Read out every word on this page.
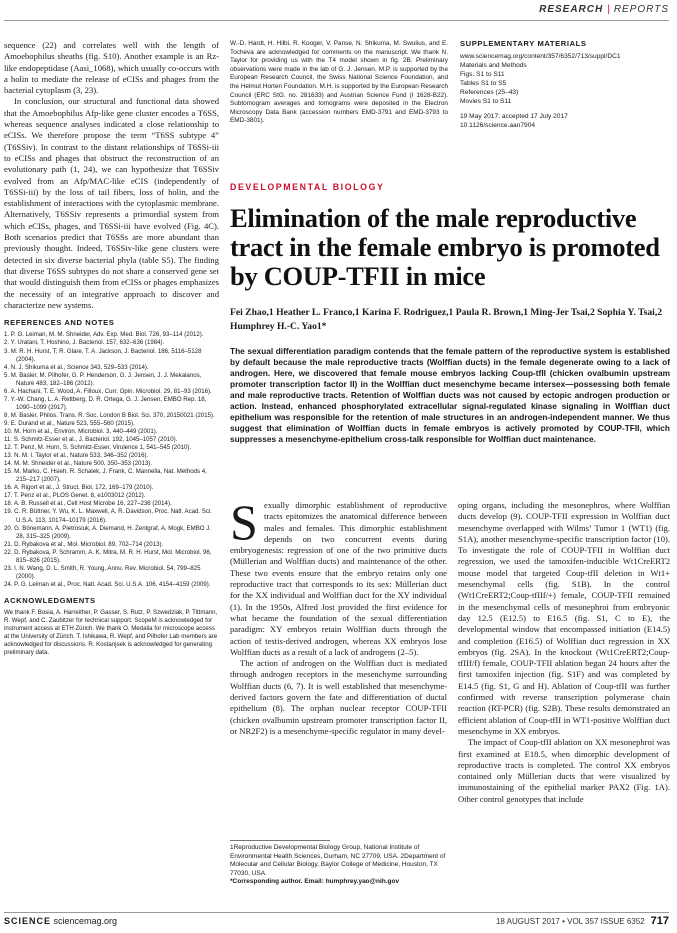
RESEARCH | REPORTS

sequence (22) and correlates well with the length of Amoebophilus sheaths (fig. S10). Another example is an Rz-like endopeptidase (Aasi_1068), which usually co-occurs with a holin to mediate the release of eCISs and phages from the bacterial cytoplasm (3, 23).

In conclusion, our structural and functional data showed that the Amoebophilus Afp-like gene cluster encodes a T6SS, whereas sequence analyses indicated a close relationship to eCISs. We therefore propose the term “T6SS subtype 4” (T6SSiv). In contrast to the distant relationships of T6SSi-iii to eCISs and phages that obstruct the reconstruction of an evolutionary path (1, 24), we can hypothesize that T6SSiv evolved from an Afp/MAC-like eCIS (independently of T6SSi-iii) by the loss of tail fibers, loss of holin, and the establishment of interactions with the cytoplasmic membrane. Alternatively, T6SSiv represents a primordial system from which eCISs, phages, and T6SSi-iii have evolved (Fig. 4C). Both scenarios predict that T6SSs are more abundant than previously thought. Indeed, T6SSiv-like gene clusters were detected in six diverse bacterial phyla (table S5). The finding that diverse T6SS subtypes do not share a conserved gene set that would distinguish them from eCISs or phages emphasizes the necessity of an integrative approach to discover and characterize new systems.

REFERENCES AND NOTES
1. P. G. Leiman, M. M. Shneider, Adv. Exp. Med. Biol. 726, 93–114 (2012).
2. Y. Uratani, T. Hoshino, J. Bacteriol. 157, 632–636 (1984).
3. M. R. H. Hurst, T. R. Glare, T. A. Jackson, J. Bacteriol. 186, 5116–5128 (2004).
4. N. J. Shikuma et al., Science 343, 529–533 (2014).
5. M. Basler, M. Pilhofer, G. P. Henderson, G. J. Jensen, J. J. Mekalanos, Nature 483, 182–186 (2012).
6. A. Hachani, T. E. Wood, A. Filloux, Curr. Opin. Microbiol. 29, 81–93 (2016).
7. Y.-W. Chang, L. A. Rettberg, D. R. Ortega, G. J. Jensen, EMBO Rep. 18, 1090–1099 (2017).
8. M. Basler, Philos. Trans. R. Soc. London B Biol. Sci. 370, 20150021 (2015).
9. E. Durand et al., Nature 523, 555–560 (2015).
10. M. Horn et al., Environ. Microbiol. 3, 440–449 (2001).
11. S. Schmitz-Esser et al., J. Bacteriol. 192, 1045–1057 (2010).
12. T. Penz, M. Horn, S. Schmitz-Esser, Virulence 1, 541–545 (2010).
13. N. M. I. Taylor et al., Nature 533, 346–352 (2016).
14. M. M. Shneider et al., Nature 500, 350–353 (2013).
15. M. Marko, C. Hsieh, R. Schalek, J. Frank, C. Mannella, Nat. Methods 4, 215–217 (2007).
16. A. Rigort et al., J. Struct. Biol. 172, 169–179 (2010).
17. T. Penz et al., PLOS Genet. 8, e1003012 (2012).
18. A. B. Russell et al., Cell Host Microbe 16, 227–236 (2014).
19. C. R. Büttner, Y. Wu, K. L. Maxwell, A. R. Davidson, Proc. Natl. Acad. Sci. U.S.A. 113, 10174–10179 (2016).
20. G. Bönemann, A. Pietrosiuk, A. Diemand, H. Zentgraf, A. Mogk, EMBO J. 28, 315–325 (2009).
21. D. Rybakova et al., Mol. Microbiol. 89, 702–714 (2013).
22. D. Rybakova, P. Schramm, A. K. Mitra, M. R. H. Hurst, Mol. Microbiol. 96, 815–826 (2015).
23. I. N. Wang, D. L. Smith, R. Young, Annu. Rev. Microbiol. 54, 799–825 (2000).
24. P. G. Leiman et al., Proc. Natl. Acad. Sci. U.S.A. 106, 4154–4159 (2009).
ACKNOWLEDGMENTS

We thank F. Bosia, A. Harreither, P. Gasser, S. Rutz, P. Szwedziak, P. Tittmann, R. Wepf, and C. Zaubitzer for technical support. ScopeM is acknowledged for instrument access at ETH Zürich. We thank O. Medalia for microscope access at the University of Zürich. T. Ishikawa, R. Wepf, and Pilhofer Lab members are acknowledged for discussions. R. Kostanjsek is acknowledged for generating preliminary data.

W.-D. Hardt, H. Hilbi, R. Kooger, V. Panse, N. Shikuma, M. Swulius, and E. Tocheva are acknowledged for comments on the manuscript. We thank N. Taylor for providing us with the T4 model shown in fig. 2B. Preliminary observations were made in the lab of G. J. Jensen. M.P. is supported by the European Research Council, the Swiss National Science Foundation, and the Helmut Horten Foundation. M.H. is supported by the European Research Council (ERC StG. no. 281633) and Austrian Science Fund (I 1628-B22). Subtomogram averages and tomograms were deposited in the Electron Microscopy Data Bank (accession numbers EMD-3791 and EMD-3793 to EMD-3801).

SUPPLEMENTARY MATERIALS
www.sciencemag.org/content/357/6352/713/suppl/DC1
Materials and Methods
Figs. S1 to S11
Tables S1 to S5
References (25–43)
Movies S1 to S11
19 May 2017; accepted 17 July 2017
10.1126/science.aan7904
DEVELOPMENTAL BIOLOGY
Elimination of the male reproductive tract in the female embryo is promoted by COUP-TFII in mice
Fei Zhao,1 Heather L. Franco,1 Karina F. Rodriguez,1 Paula R. Brown,1 Ming-Jer Tsai,2 Sophia Y. Tsai,2 Humphrey H.-C. Yao1*
The sexual differentiation paradigm contends that the female pattern of the reproductive system is established by default because the male reproductive tracts (Wolffian ducts) in the female degenerate owing to a lack of androgen. Here, we discovered that female mouse embryos lacking Coup-tfII (chicken ovalbumin upstream promoter transcription factor II) in the Wolffian duct mesenchyme became intersex—possessing both female and male reproductive tracts. Retention of Wolffian ducts was not caused by ectopic androgen production or action. Instead, enhanced phosphorylated extracellular signal-regulated kinase signaling in Wolffian duct epithelium was responsible for the retention of male structures in an androgen-independent manner. We thus suggest that elimination of Wolffian ducts in female embryos is actively promoted by COUP-TFII, which suppresses a mesenchyme-epithelium cross-talk responsible for Wolffian duct maintenance.
S exually dimorphic establishment of reproductive tracts epitomizes the anatomical difference between males and females. This dimorphic establishment depends on two concurrent events during embryogenesis: regression of one of the two primitive ducts (Müllerian and Wolffian ducts) and maintenance of the other. These two events ensure that the embryo retains only one reproductive tract that corresponds to its sex: Müllerian duct for the XX individual and Wolffian duct for the XY individual (1). In the 1950s, Alfred Jost provided the first evidence for what became the foundation of the sexual differentiation paradigm: XY embryos retain Wolffian ducts through the action of testis-derived androgen, whereas XX embryos lose Wolffian ducts as a result of a lack of androgens (2–5).

The action of androgen on the Wolffian duct is mediated through androgen receptors in the mesenchyme surrounding Wolffian ducts (6, 7). It is well established that mesenchyme-derived factors govern the fate and differentiation of ductal epithelium (8). The orphan nuclear receptor COUP-TFII (chicken ovalbumin upstream promoter transcription factor II, or NR2F2) is a mesenchyme-specific regulator in many devel-

1Reproductive Developmental Biology Group, National Institute of Environmental Health Sciences, Durham, NC 27709, USA. 2Department of Molecular and Cellular Biology, Baylor College of Medicine, Houston, TX 77030, USA.

*Corresponding author. Email: humphrey.yao@nih.gov

oping organs, including the mesonephros, where Wolffian ducts develop (9). COUP-TFII expression in Wolffian duct mesenchyme overlapped with Wilms’ Tumor 1 (WT1) (fig. S1A), another mesenchyme-specific transcription factor (10). To investigate the role of COUP-TFII in Wolffian duct regression, we used the tamoxifen-inducible Wt1CreERT2 mouse model that targeted Coup-tfII deletion in Wt1+ mesenchymal cells (fig. S1B). In the control (Wt1CreERT2;Coup-tfIIf/+) female, COUP-TFII remained in the mesenchymal cells of mesonephroi from embryonic day 12.5 (E12.5) to E16.5 (fig. S1, C to E), the developmental window that encompassed initiation (E14.5) and completion (E16.5) of Wolffian duct regression in XX embryos (fig. 2SA). In the knockout (Wt1CreERT2;Coup-tfIIf/f) female, COUP-TFII ablation began 24 hours after the first tamoxifen injection (fig. S1F) and was completed by E14.5 (fig. S1, G and H). Ablation of Coup-tfII was further confirmed with reverse transcription polymerase chain reaction (RT-PCR) (fig. S2B). These results demonstrated an efficient ablation of Coup-tfII in WT1-positive Wolffian duct mesenchyme in XX embryos.

The impact of Coup-tfII ablation on XX mesonephroi was first examined at E18.5, when dimorphic development of reproductive tracts is completed. The control XX embryos contained only Müllerian ducts that were visualized by immunostaining of the epithelial marker PAX2 (Fig. 1A). Other control genotypes that include

SCIENCE sciencemag.org	18 AUGUST 2017 • VOL 357 ISSUE 6352 717
